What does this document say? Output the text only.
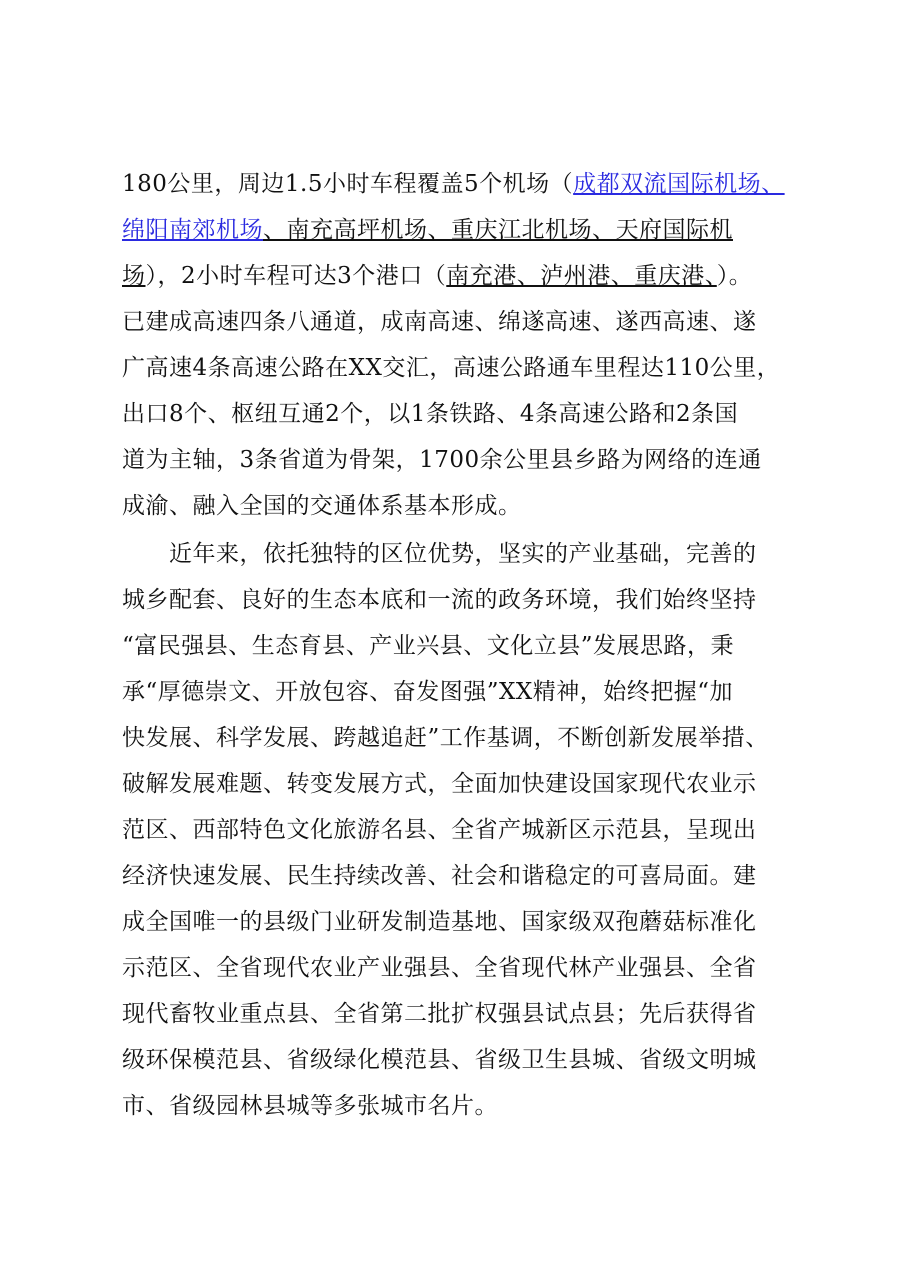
180公里，周边1.5小时车程覆盖5个机场（成都双流国际机场、
绵阳南郊机场、南充高坪机场、重庆江北机场、天府国际机
场），2小时车程可达3个港口（南充港、泸州港、重庆港、）。
已建成高速四条八通道，成南高速、绵遂高速、遂西高速、遂
广高速4条高速公路在XX交汇，高速公路通车里程达110公里，
出口8个、枢纽互通2个，以1条铁路、4条高速公路和2条国
道为主轴，3条省道为骨架，1700余公里县乡路为网络的连通
成渝、融入全国的交通体系基本形成。
　　近年来，依托独特的区位优势，坚实的产业基础，完善的
城乡配套、良好的生态本底和一流的政务环境，我们始终坚持
“富民强县、生态育县、产业兴县、文化立县”发展思路，秉
承“厚德崇文、开放包容、奋发图强”XX精神，始终把握“加
快发展、科学发展、跨越追赶”工作基调，不断创新发展举措、
破解发展难题、转变发展方式，全面加快建设国家现代农业示
范区、西部特色文化旅游名县、全省产城新区示范县，呈现出
经济快速发展、民生持续改善、社会和谐稳定的可喜局面。建
成全国唯一的县级门业研发制造基地、国家级双孢蘑菇标准化
示范区、全省现代农业产业强县、全省现代林产业强县、全省
现代畜牧业重点县、全省第二批扩权强县试点县；先后获得省
级环保模范县、省级绿化模范县、省级卫生县城、省级文明城
市、省级园林县城等多张城市名片。
